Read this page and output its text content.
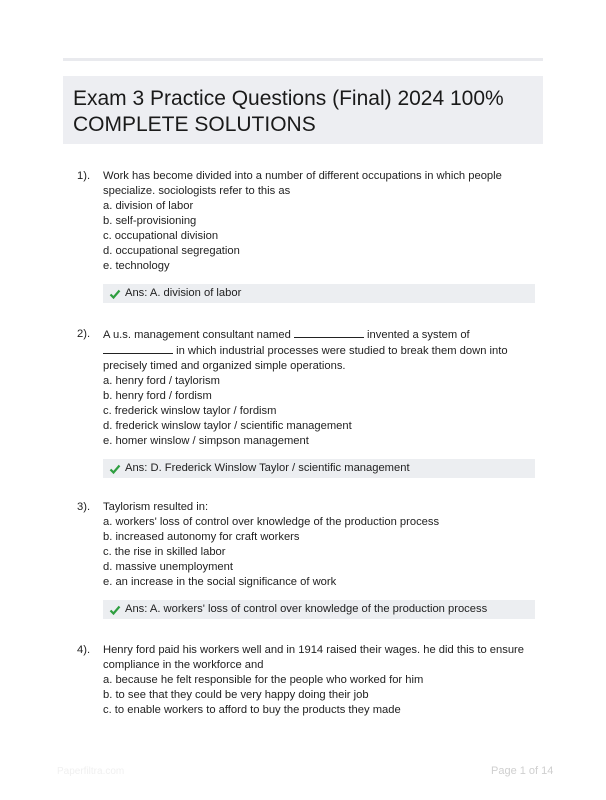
Exam 3 Practice Questions (Final) 2024 100% COMPLETE SOLUTIONS
1).	Work has become divided into a number of different occupations in which people specialize. sociologists refer to this as

a. division of labor

b. self-provisioning

c. occupational division

d. occupational segregation

e. technology

Ans: A. division of labor
2).	A u.s. management consultant named	invented a system of  in which industrial processes were studied to break them down into precisely timed and organized simple operations.

a. henry ford / taylorism

b. henry ford / fordism

c. frederick winslow taylor / fordism

d. frederick winslow taylor / scientific management

e. homer winslow / simpson management

Ans: D. Frederick Winslow Taylor / scientific management
3).	Taylorism resulted in:

a. workers' loss of control over knowledge of the production process

b. increased autonomy for craft workers

c. the rise in skilled labor

d. massive unemployment

e. an increase in the social significance of work

Ans: A. workers' loss of control over knowledge of the production process
4).	Henry ford paid his workers well and in 1914 raised their wages. he did this to ensure compliance in the workforce and

a. because he felt responsible for the people who worked for him

b. to see that they could be very happy doing their job

c. to enable workers to afford to buy the products they made

Paperfiltra.com	Page 1 of 14
